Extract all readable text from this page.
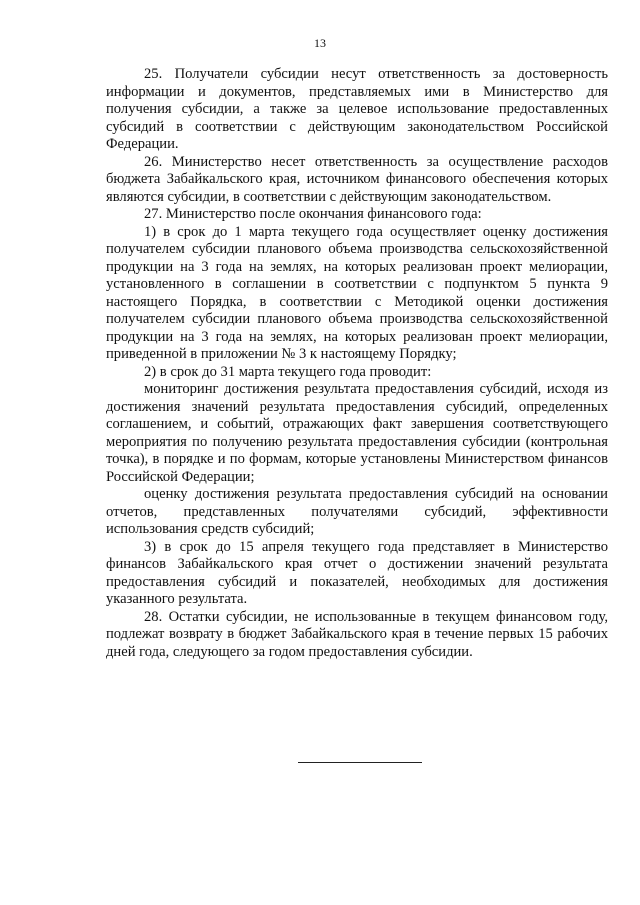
13

25. Получатели субсидии несут ответственность за достоверность информации и документов, представляемых ими в Министерство для получения субсидии, а также за целевое использование предоставленных субсидий в соответствии с действующим законодательством Российской Федерации.

26. Министерство несет ответственность за осуществление расходов бюджета Забайкальского края, источником финансового обеспечения которых являются субсидии, в соответствии с действующим законодательством.

27. Министерство после окончания финансового года:

1) в срок до 1 марта текущего года осуществляет оценку достижения получателем субсидии планового объема производства сельскохозяйственной продукции на 3 года на землях, на которых реализован проект мелиорации, установленного в соглашении в соответствии с подпунктом 5 пункта 9 настоящего Порядка, в соответствии с Методикой оценки достижения получателем субсидии планового объема производства сельскохозяйственной продукции на 3 года на землях, на которых реализован проект мелиорации, приведенной в приложении № 3 к настоящему Порядку;

2) в срок до 31 марта текущего года проводит:

мониторинг достижения результата предоставления субсидий, исходя из достижения значений результата предоставления субсидий, определенных соглашением, и событий, отражающих факт завершения соответствующего мероприятия по получению результата предоставления субсидии (контрольная точка), в порядке и по формам, которые установлены Министерством финансов Российской Федерации;

оценку достижения результата предоставления субсидий на основании отчетов, представленных получателями субсидий, эффективности использования средств субсидий;

3) в срок до 15 апреля текущего года представляет в Министерство финансов Забайкальского края отчет о достижении значений результата предоставления субсидий и показателей, необходимых для достижения указанного результата.

28. Остатки субсидии, не использованные в текущем финансовом году, подлежат возврату в бюджет Забайкальского края в течение первых 15 рабочих дней года, следующего за годом предоставления субсидии.
